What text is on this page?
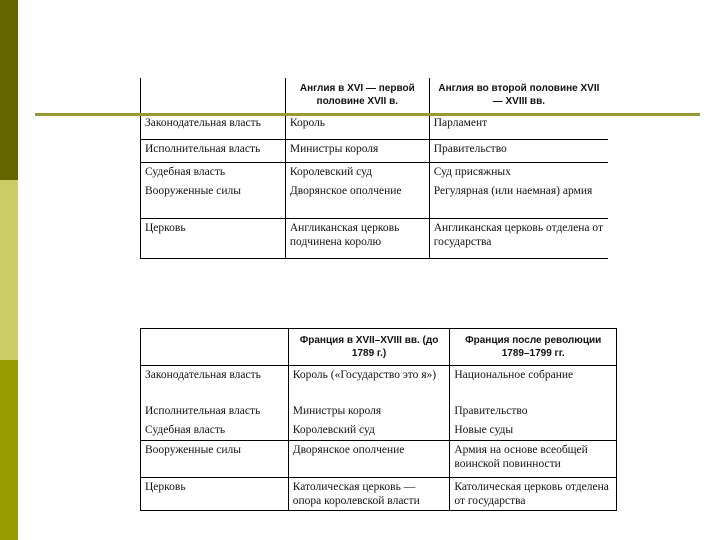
	Англия в XVI — первой половине XVII в.	Англия во второй половине XVII — XVIII вв.
Законодательная власть	Король	Парламент
Исполнительная власть	Министры короля	Правительство
Судебная власть	Королевский суд	Суд присяжных
Вооруженные силы	Дворянское ополчение	Регулярная (или наемная) армия
Церковь	Англиканская церковь подчинена королю	Англиканская церковь отделена от государства
	Франция в XVII–XVIII вв. (до 1789 г.)	Франция после революции 1789–1799 гг.
Законодательная власть	Король («Государство это я»)	Национальное собрание
Исполнительная власть	Министры короля	Правительство
Судебная власть	Королевский суд	Новые суды
Вооруженные силы	Дворянское ополчение	Армия на основе всеобщей воинской повинности
Церковь	Католическая церковь — опора королевской власти	Католическая церковь отделена от государства
